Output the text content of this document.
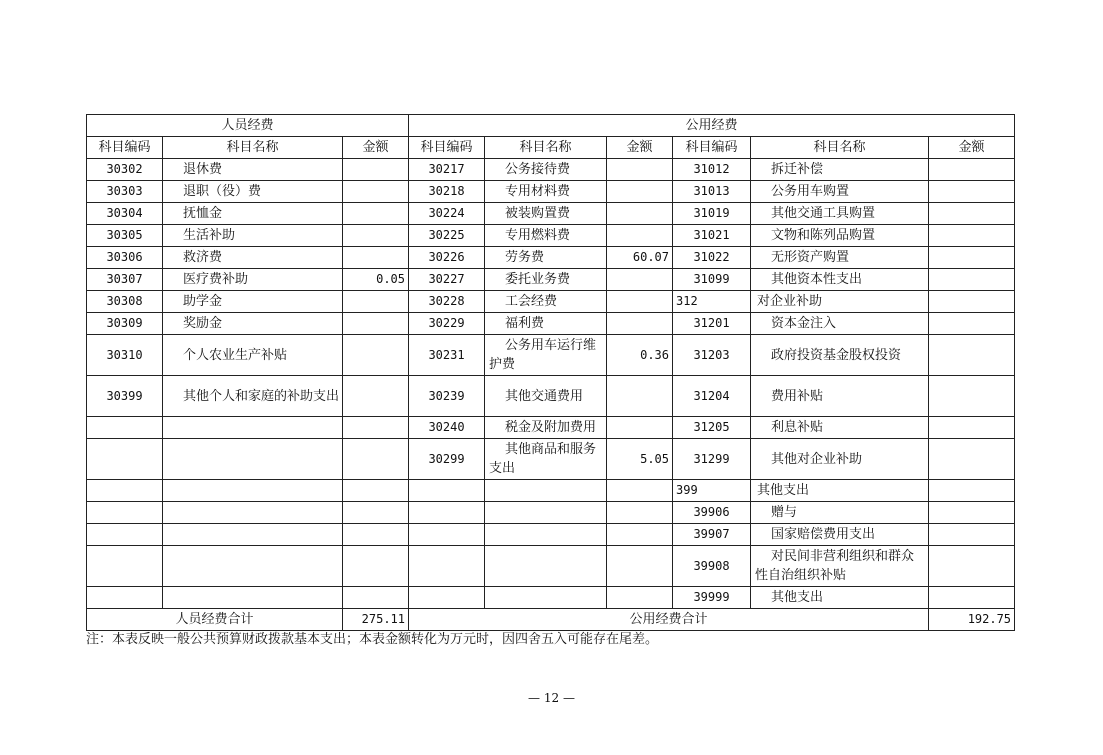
人员经费			公用经费					
科目编码	科目名称	金额	科目编码	科目名称	金额	科目编码	科目名称	金额
30302	退休费		30217	公务接待费		31012	拆迁补偿	
30303	退职（役）费		30218	专用材料费		31013	公务用车购置	
30304	抚恤金		30224	被装购置费		31019	其他交通工具购置	
30305	生活补助		30225	专用燃料费		31021	文物和陈列品购置	
30306	救济费		30226	劳务费	60.07	31022	无形资产购置	
30307	医疗费补助	0.05	30227	委托业务费		31099	其他资本性支出	
30308	助学金		30228	工会经费		312	对企业补助	
30309	奖励金		30229	福利费		31201	资本金注入	
30310	个人农业生产补贴		30231	公务用车运行维护费	0.36	31203	政府投资基金股权投资	
30399	其他个人和家庭的补助支出		30239	其他交通费用		31204	费用补贴	
			30240	税金及附加费用		31205	利息补贴	
			30299	其他商品和服务支出	5.05	31299	其他对企业补助	
						399	其他支出	
						39906	赠与	
						39907	国家赔偿费用支出	
						39908	对民间非营利组织和群众性自治组织补贴	
						39999	其他支出	
人员经费合计		275.11	公用经费合计					192.75
注：本表反映一般公共预算财政拨款基本支出；本表金额转化为万元时，因四舍五入可能存在尾差。
— 12 —
